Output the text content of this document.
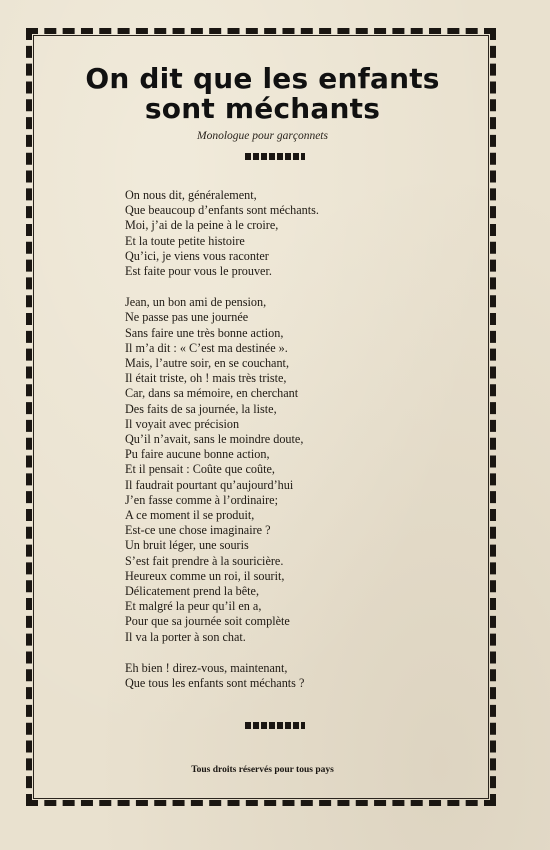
On dit que les enfants
sont méchants
Monologue pour garçonnets
On nous dit, généralement,
Que beaucoup d’enfants sont méchants.
Moi, j’ai de la peine à le croire,
Et la toute petite histoire
Qu’ici, je viens vous raconter
Est faite pour vous le prouver.
Jean, un bon ami de pension,
Ne passe pas une journée
Sans faire une très bonne action,
Il m’a dit : « C’est ma destinée ».
Mais, l’autre soir, en se couchant,
Il était triste, oh ! mais très triste,
Car, dans sa mémoire, en cherchant
Des faits de sa journée, la liste,
Il voyait avec précision
Qu’il n’avait, sans le moindre doute,
Pu faire aucune bonne action,
Et il pensait : Coûte que coûte,
Il faudrait pourtant qu’aujourd’hui
J’en fasse comme à l’ordinaire;
A ce moment il se produit,
Est-ce une chose imaginaire ?
Un bruit léger, une souris
S’est fait prendre à la souricière.
Heureux comme un roi, il sourit,
Délicatement prend la bête,
Et malgré la peur qu’il en a,
Pour que sa journée soit complète
Il va la porter à son chat.
Eh bien ! direz-vous, maintenant,
Que tous les enfants sont méchants ?
Tous droits réservés pour tous pays
